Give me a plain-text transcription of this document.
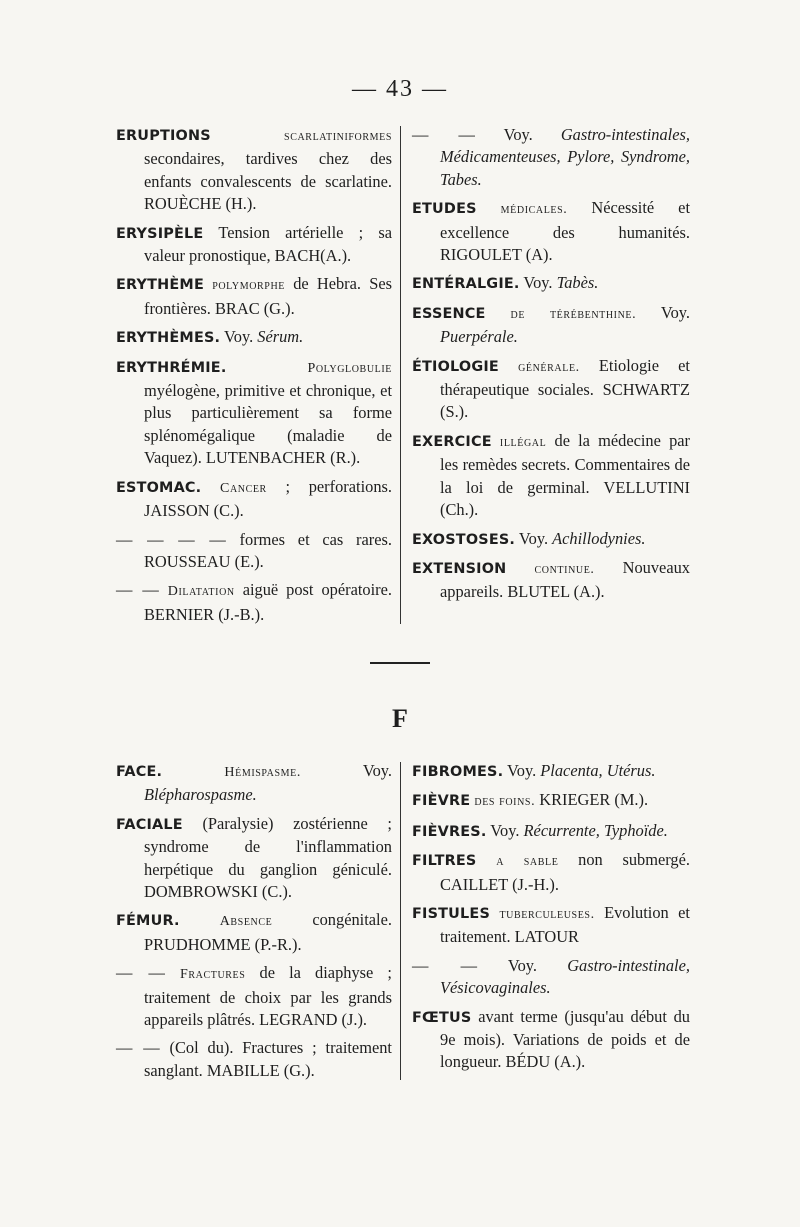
— 43 —

ERUPTIONS	scarlatiniformes secondaires, tardives chez des enfants convalescents de scarlatine. ROUÈCHE (H.).

ERYSIPÈLE Tension artérielle ; sa valeur pronostique, BACH(A.).

ERYTHÈME polymorphe de Hebra. Ses frontières. BRAC (G.).

ERYTHÈMES. Voy. Sérum.

ERYTHRÉMIE.	Polyglobulie myélogène, primitive et chronique, et plus particulièrement sa forme splénomégalique (maladie de Vaquez). LUTENBACHER (R.).

ESTOMAC. Cancer ; perforations. JAISSON (C.).

— — — — formes et cas rares. ROUSSEAU (E.).

— — Dilatation aiguë post opératoire. BERNIER (J.-B.).

— — Voy. Gastro-intestinales, Médicamenteuses, Pylore, Syndrome, Tabes.

ETUDES médicales. Nécessité et excellence des humanités. RIGOULET (A).

ENTÉRALGIE. Voy. Tabès.

ESSENCE de térébenthine. Voy. Puerpérale.

ÉTIOLOGIE générale. Etiologie et thérapeutique sociales. SCHWARTZ (S.).

EXERCICE illégal de la médecine par les remèdes secrets. Commentaires de la loi de germinal. VELLUTINI (Ch.).

EXOSTOSES. Voy. Achillodynies.

EXTENSION continue. Nouveaux appareils. BLUTEL (A.).

F

FACE.	Hémispasme. Voy. Blépharospasme.

FACIALE (Paralysie) zostérienne ; syndrome de l'inflammation herpétique du ganglion géniculé. DOMBROWSKI (C.).

FÉMUR.	Absence congénitale. PRUDHOMME (P.-R.).

— — Fractures de la diaphyse ; traitement de choix par les grands appareils plâtrés. LEGRAND (J.).

— — (Col du). Fractures ; traitement sanglant. MABILLE (G.).

FIBROMES. Voy. Placenta, Utérus.

FIÈVRE des foins. KRIEGER (M.).

FIÈVRES. Voy. Récurrente, Typhoïde.

FILTRES a sable non submergé. CAILLET (J.-H.).

FISTULES tuberculeuses. Evolution et traitement. LATOUR

— — Voy. Gastro-intestinale, Vésicovaginales.

FŒTUS avant terme (jusqu'au début du 9e mois). Variations de poids et de longueur. BÉDU (A.).
